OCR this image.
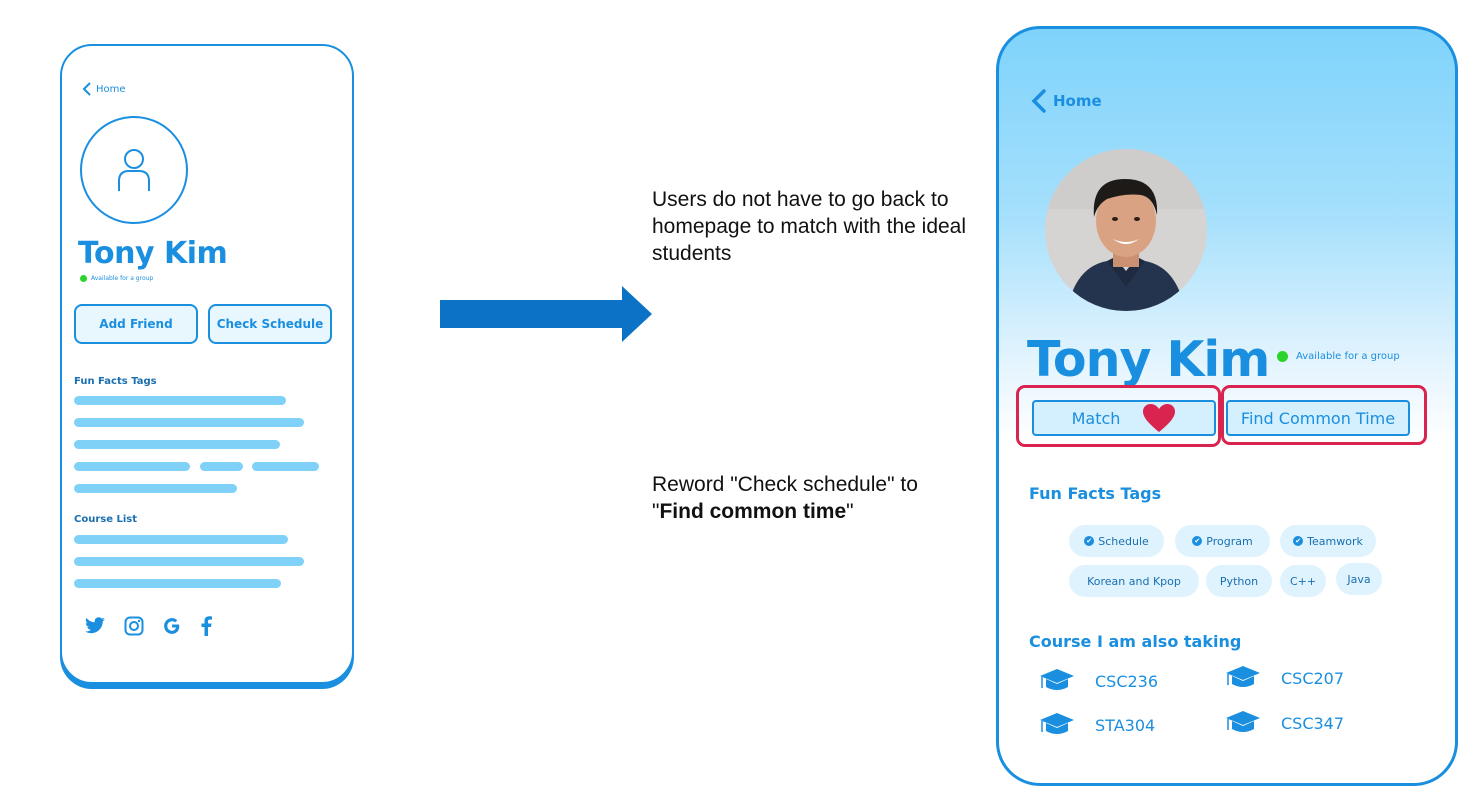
Home
Tony Kim
Available for a group
Add Friend	Check Schedule
Fun Facts Tags
Course List
Users do not have to go back to homepage to match with the ideal students
Reword "Check schedule" to
"Find common time"
Home
Tony Kim	Available for a group
Match	Find Common Time
Fun Facts Tags
✔ Schedule	✔ Program	✔ Teamwork
Korean and Kpop	Python	C++	Java
Course I am also taking
CSC236	CSC207
STA304	CSC347
